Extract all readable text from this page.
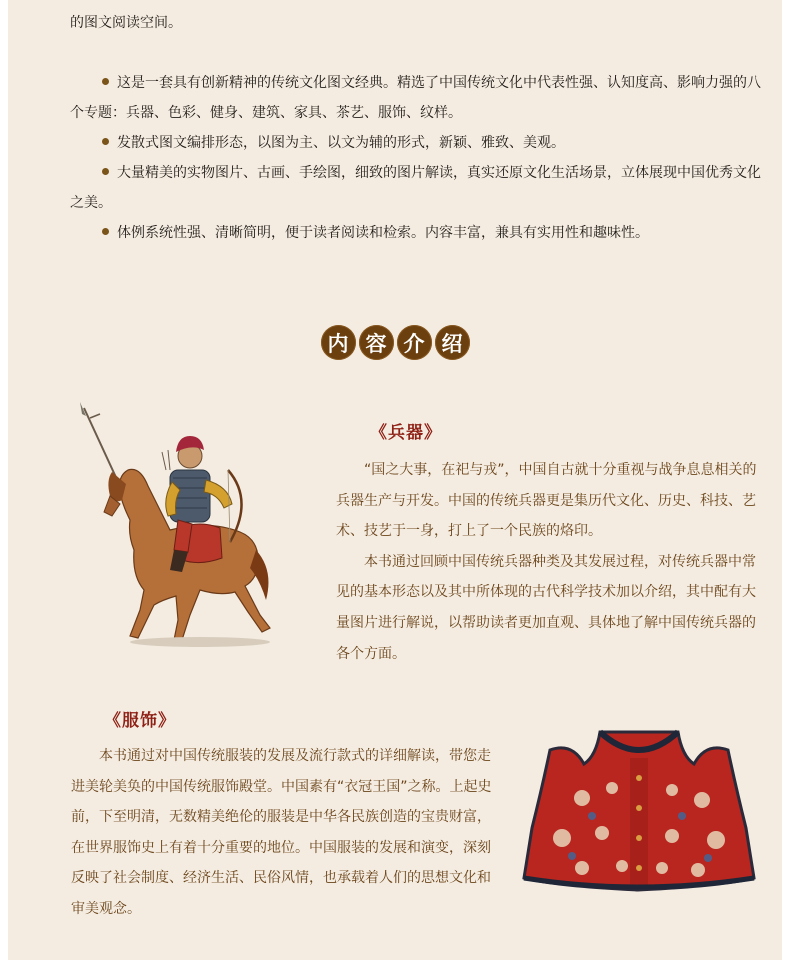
的图文阅读空间。

这是一套具有创新精神的传统文化图文经典。精选了中国传统文化中代表性强、认知度高、影响力强的八个专题：兵器、色彩、健身、建筑、家具、茶艺、服饰、纹样。

发散式图文编排形态，以图为主、以文为辅的形式，新颖、雅致、美观。

大量精美的实物图片、古画、手绘图，细致的图片解读，真实还原文化生活场景，立体展现中国优秀文化之美。

体例系统性强、清晰简明，便于读者阅读和检索。内容丰富，兼具有实用性和趣味性。

内 容 介 绍
《兵器》

“国之大事，在祀与戎”，中国自古就十分重视与战争息息相关的兵器生产与开发。中国的传统兵器更是集历代文化、历史、科技、艺术、技艺于一身，打上了一个民族的烙印。

本书通过回顾中国传统兵器种类及其发展过程，对传统兵器中常见的基本形态以及其中所体现的古代科学技术加以介绍，其中配有大量图片进行解说，以帮助读者更加直观、具体地了解中国传统兵器的各个方面。

《服饰》

本书通过对中国传统服装的发展及流行款式的详细解读，带您走进美轮美奂的中国传统服饰殿堂。中国素有“衣冠王国”之称。上起史前，下至明清，无数精美绝伦的服装是中华各民族创造的宝贵财富，在世界服饰史上有着十分重要的地位。中国服装的发展和演变，深刻反映了社会制度、经济生活、民俗风情，也承载着人们的思想文化和审美观念。
